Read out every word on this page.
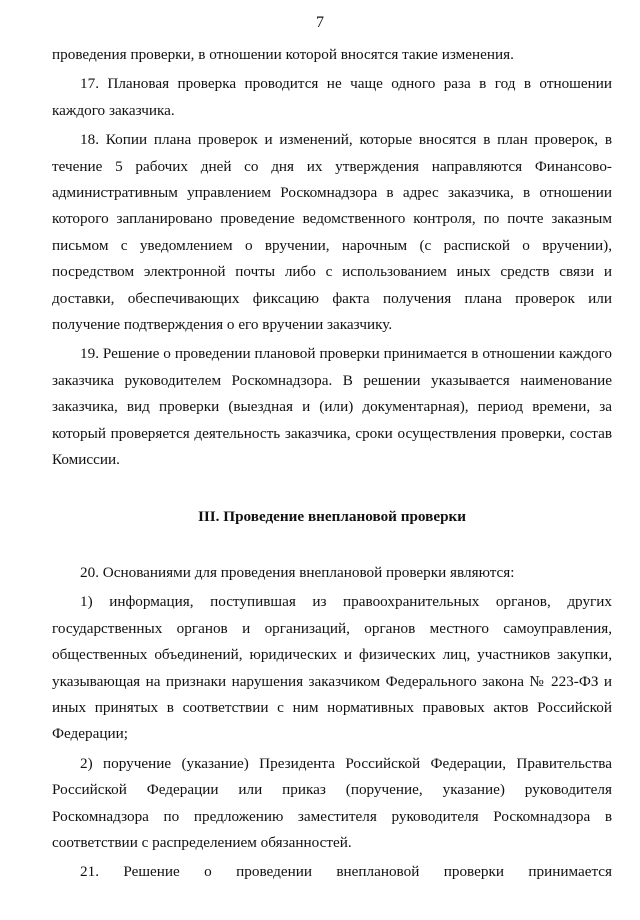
7

проведения проверки, в отношении которой вносятся такие изменения.

17. Плановая проверка проводится не чаще одного раза в год в отношении каждого заказчика.

18. Копии плана проверок и изменений, которые вносятся в план проверок, в течение 5 рабочих дней со дня их утверждения направляются Финансово-административным управлением Роскомнадзора в адрес заказчика, в отношении которого запланировано проведение ведомственного контроля, по почте заказным письмом с уведомлением о вручении, нарочным (с распиской о вручении), посредством электронной почты либо с использованием иных средств связи и доставки, обеспечивающих фиксацию факта получения плана проверок или получение подтверждения о его вручении заказчику.

19. Решение о проведении плановой проверки принимается в отношении каждого заказчика руководителем Роскомнадзора. В решении указывается наименование заказчика, вид проверки (выездная и (или) документарная), период времени, за который проверяется деятельность заказчика, сроки осуществления проверки, состав Комиссии.

III. Проведение внеплановой проверки

20. Основаниями для проведения внеплановой проверки являются:

1) информация, поступившая из правоохранительных органов, других государственных органов и организаций, органов местного самоуправления, общественных объединений, юридических и физических лиц, участников закупки, указывающая на признаки нарушения заказчиком Федерального закона № 223-ФЗ и иных принятых в соответствии с ним нормативных правовых актов Российской Федерации;

2) поручение (указание) Президента Российской Федерации, Правительства Российской Федерации или приказ (поручение, указание) руководителя Роскомнадзора по предложению заместителя руководителя Роскомнадзора в соответствии с распределением обязанностей.

21. Решение о проведении внеплановой проверки принимается
